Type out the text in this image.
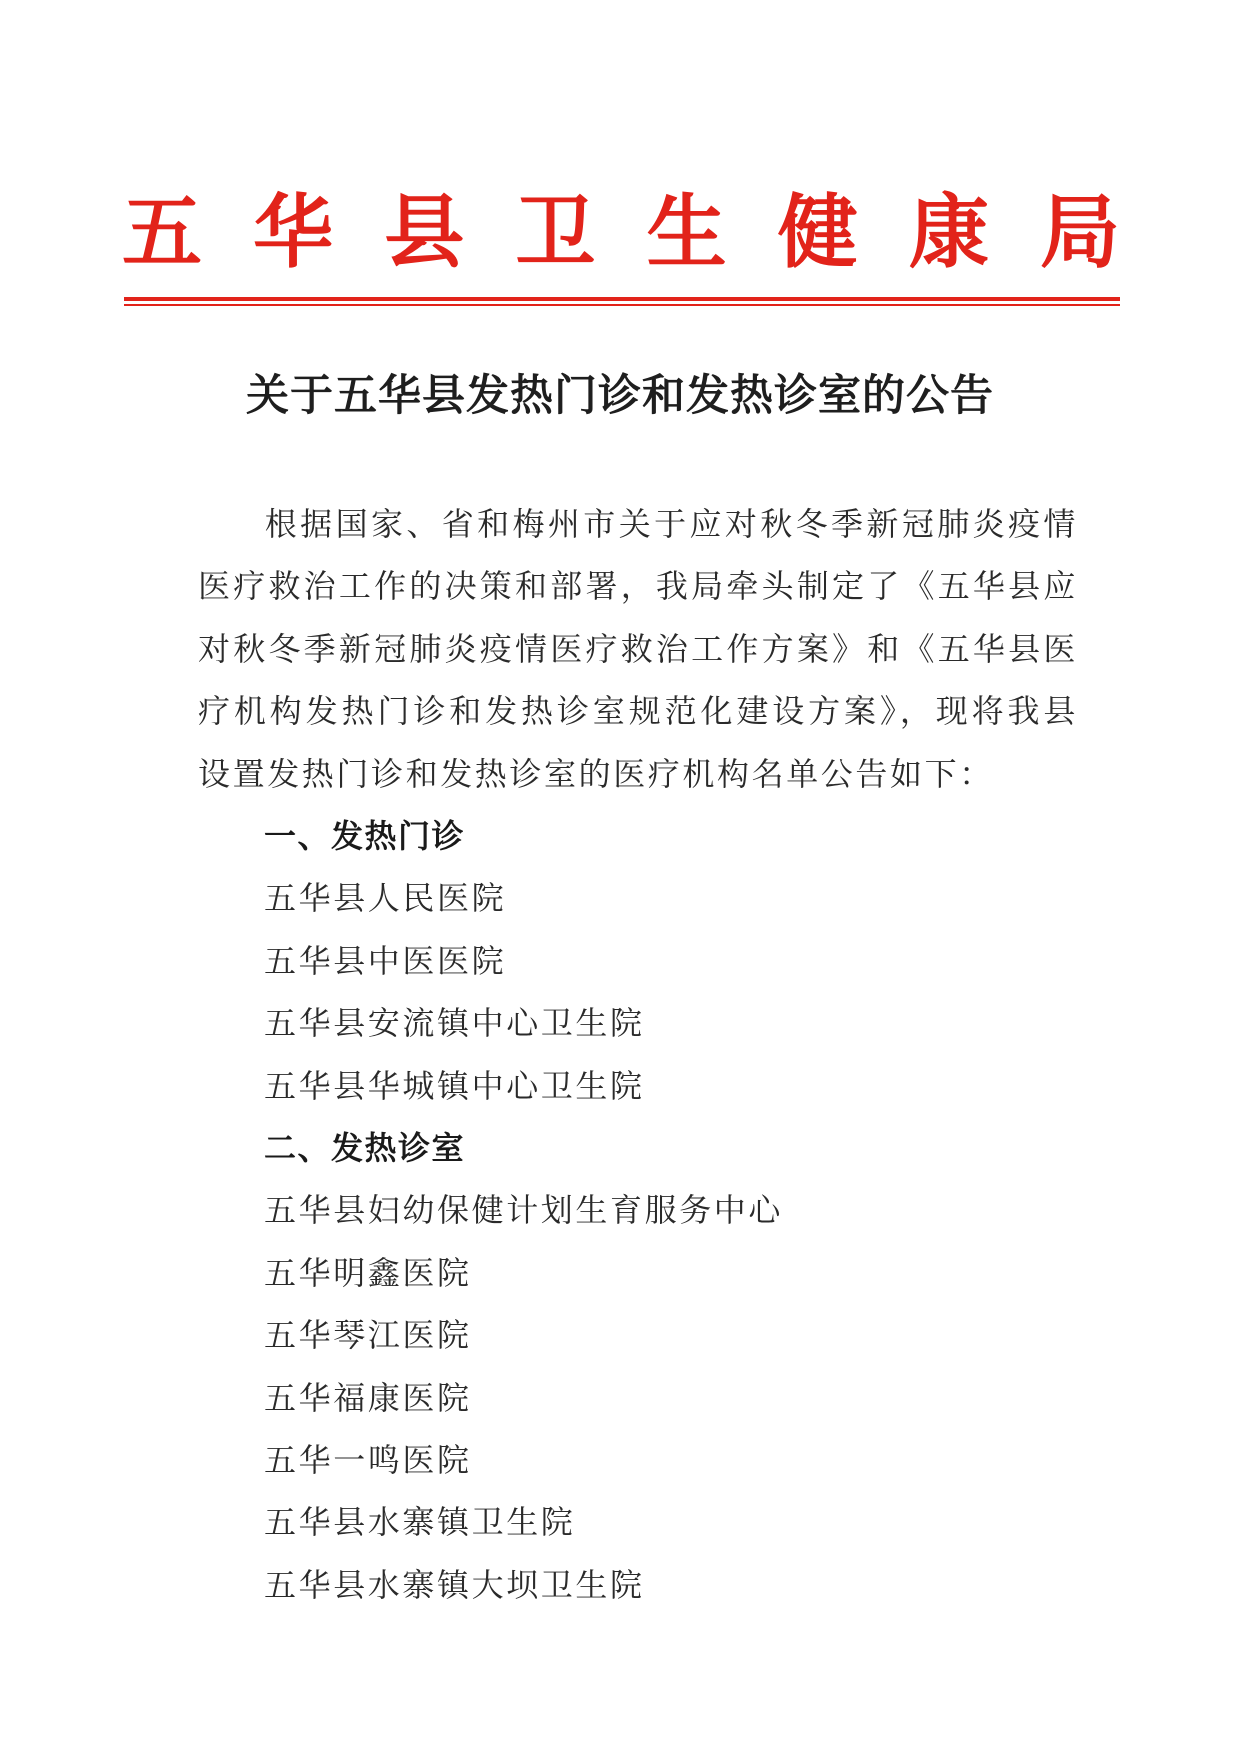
五 华 县 卫 生 健 康 局
关于五华县发热门诊和发热诊室的公告
根据国家、省和梅州市关于应对秋冬季新冠肺炎疫情医疗救治工作的决策和部署，我局牵头制定了《五华县应对秋冬季新冠肺炎疫情医疗救治工作方案》和《五华县医疗机构发热门诊和发热诊室规范化建设方案》，现将我县设置发热门诊和发热诊室的医疗机构名单公告如下：
一、发热门诊
五华县人民医院
五华县中医医院
五华县安流镇中心卫生院
五华县华城镇中心卫生院
二、发热诊室
五华县妇幼保健计划生育服务中心
五华明鑫医院
五华琴江医院
五华福康医院
五华一鸣医院
五华县水寨镇卫生院
五华县水寨镇大坝卫生院
